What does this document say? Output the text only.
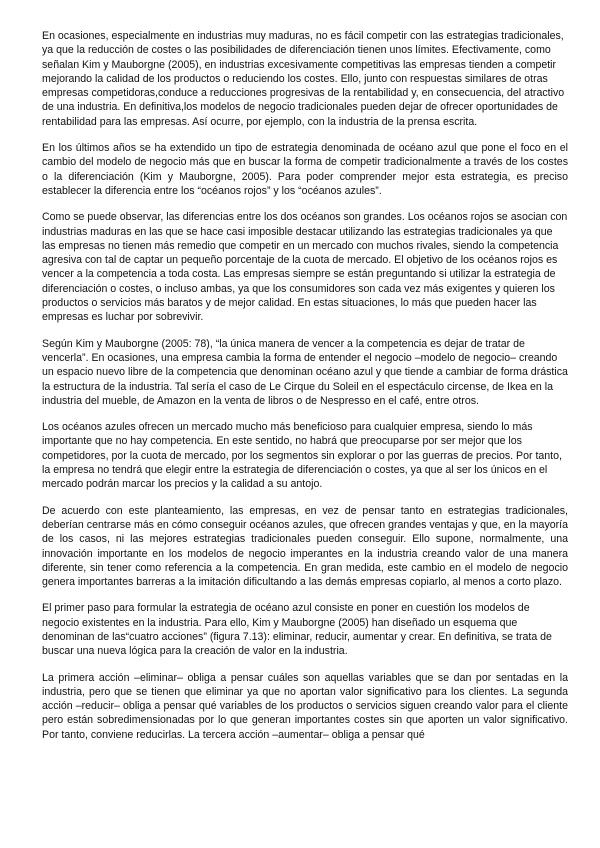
En ocasiones, especialmente en industrias muy maduras, no es fácil competir con las estrategias tradicionales, ya que la reducción de costes o las posibilidades de diferenciación tienen unos límites. Efectivamente, como señalan Kim y Mauborgne (2005), en industrias excesivamente competitivas las empresas tienden a competir mejorando la calidad de los productos o reduciendo los costes. Ello, junto con respuestas similares de otras empresas competidoras,conduce a reducciones progresivas de la rentabilidad y, en consecuencia, del atractivo de una industria. En definitiva,los modelos de negocio tradicionales pueden dejar de ofrecer oportunidades de rentabilidad para las empresas. Así ocurre, por ejemplo, con la industria de la prensa escrita.

En los últimos años se ha extendido un tipo de estrategia denominada de océano azul que pone el foco en el cambio del modelo de negocio más que en buscar la forma de competir tradicionalmente a través de los costes o la diferenciación (Kim y Mauborgne, 2005). Para poder comprender mejor esta estrategia, es preciso establecer la diferencia entre los “océanos rojos” y los “océanos azules”.

Como se puede observar, las diferencias entre los dos océanos son grandes. Los océanos rojos se asocian con industrias maduras en las que se hace casi imposible destacar utilizando las estrategias tradicionales ya que las empresas no tienen más remedio que competir en un mercado con muchos rivales, siendo la competencia agresiva con tal de captar un pequeño porcentaje de la cuota de mercado. El objetivo de los océanos rojos es vencer a la competencia a toda costa. Las empresas siempre se están preguntando si utilizar la estrategia de diferenciación o costes, o incluso ambas, ya que los consumidores son cada vez más exigentes y quieren los productos o servicios más baratos y de mejor calidad. En estas situaciones, lo más que pueden hacer las empresas es luchar por sobrevivir.

Según Kim y Mauborgne (2005: 78), “la única manera de vencer a la competencia es dejar de tratar de vencerla”. En ocasiones, una empresa cambia la forma de entender el negocio –modelo de negocio– creando un espacio nuevo libre de la competencia que denominan océano azul y que tiende a cambiar de forma drástica la estructura de la industria. Tal sería el caso de Le Cirque du Soleil en el espectáculo circense, de Ikea en la industria del mueble, de Amazon en la venta de libros o de Nespresso en el café, entre otros.

Los océanos azules ofrecen un mercado mucho más beneficioso para cualquier empresa, siendo lo más importante que no hay competencia. En este sentido, no habrá que preocuparse por ser mejor que los competidores, por la cuota de mercado, por los segmentos sin explorar o por las guerras de precios. Por tanto, la empresa no tendrá que elegir entre la estrategia de diferenciación o costes, ya que al ser los únicos en el mercado podrán marcar los precios y la calidad a su antojo.

De acuerdo con este planteamiento, las empresas, en vez de pensar tanto en estrategias tradicionales, deberían centrarse más en cómo conseguir océanos azules, que ofrecen grandes ventajas y que, en la mayoría de los casos, ni las mejores estrategias tradicionales pueden conseguir. Ello supone, normalmente, una innovación importante en los modelos de negocio imperantes en la industria creando valor de una manera diferente, sin tener como referencia a la competencia. En gran medida, este cambio en el modelo de negocio genera importantes barreras a la imitación dificultando a las demás empresas copiarlo, al menos a corto plazo.

El primer paso para formular la estrategia de océano azul consiste en poner en cuestión los modelos de negocio existentes en la industria. Para ello, Kim y Mauborgne (2005) han diseñado un esquema que denominan de las“cuatro acciones” (figura 7.13): eliminar, reducir, aumentar y crear. En definitiva, se trata de buscar una nueva lógica para la creación de valor en la industria.

La primera acción –eliminar– obliga a pensar cuáles son aquellas variables que se dan por sentadas en la industria, pero que se tienen que eliminar ya que no aportan valor significativo para los clientes. La segunda acción –reducir– obliga a pensar qué variables de los productos o servicios siguen creando valor para el cliente pero están sobredimensionadas por lo que generan importantes costes sin que aporten un valor significativo. Por tanto, conviene reducirlas. La tercera acción –aumentar– obliga a pensar qué
